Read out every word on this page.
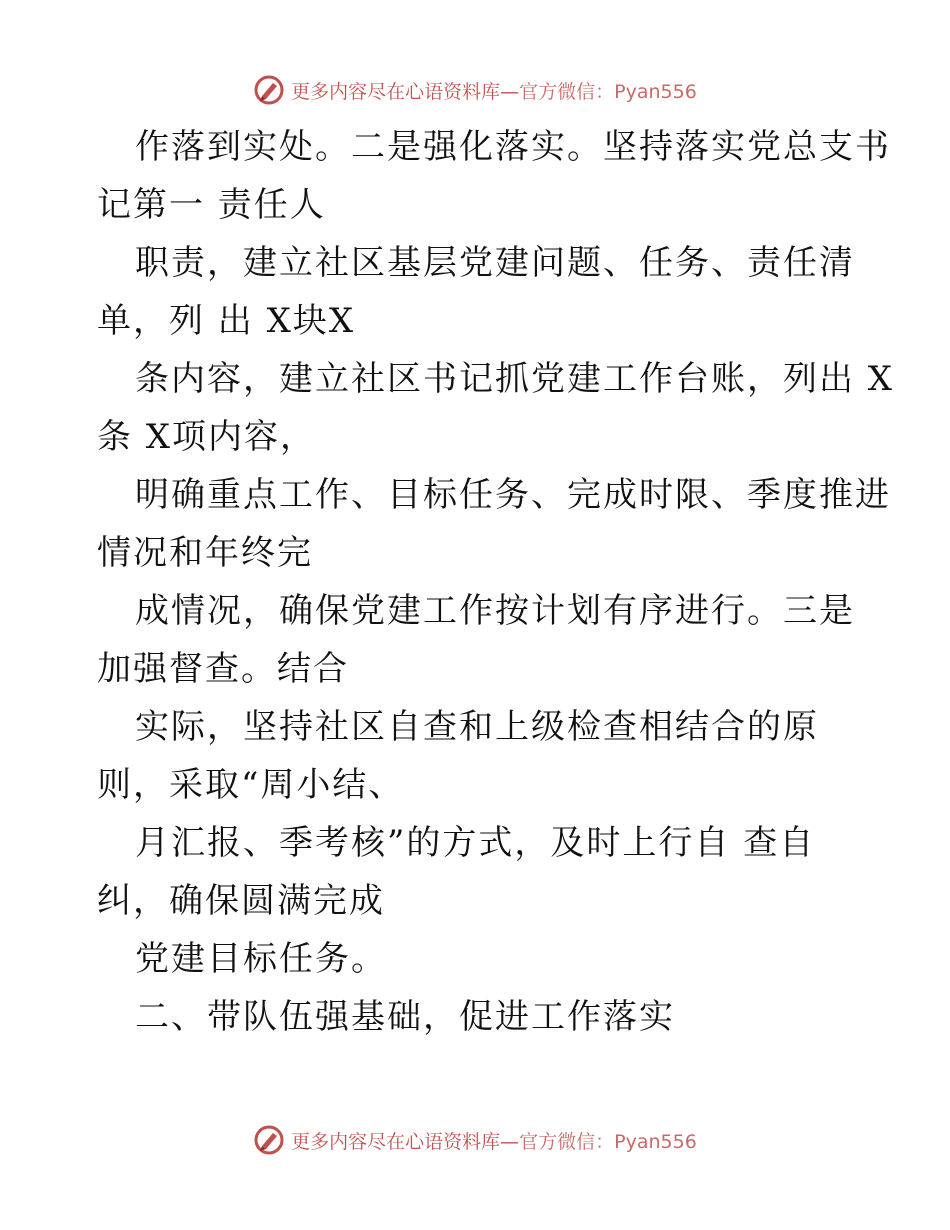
更多内容尽在心语资料库—官方微信：Pyan556
作落到实处。二是强化落实。坚持落实党总支书
记第一 责任人
职责，建立社区基层党建问题、任务、责任清
单，列 出 X块X
条内容，建立社区书记抓党建工作台账，列出 X
条 X项内容，
明确重点工作、目标任务、完成时限、季度推进
情况和年终完
成情况，确保党建工作按计划有序进行。三是
加强督查。结合
实际，坚持社区自查和上级检查相结合的原
则，采取“周小结、
月汇报、季考核”的方式，及时上行自 查自
纠，确保圆满完成
党建目标任务。
二、带队伍强基础，促进工作落实
更多内容尽在心语资料库—官方微信：Pyan556
